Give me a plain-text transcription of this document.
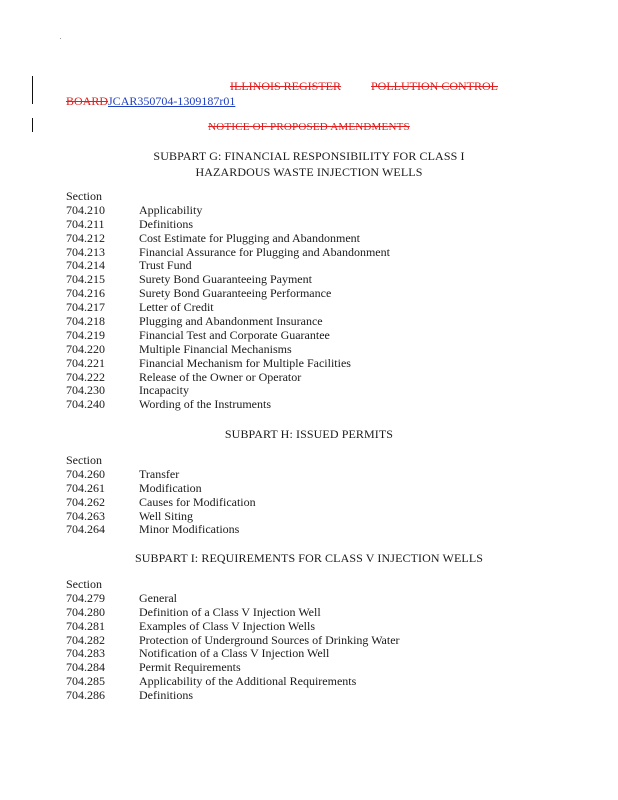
ILLINOIS REGISTER	POLLUTION CONTROL
BOARDJCAR350704-1309187r01
NOTICE OF PROPOSED AMENDMENTS
SUBPART G: FINANCIAL RESPONSIBILITY FOR CLASS I
HAZARDOUS WASTE INJECTION WELLS
Section
704.210	Applicability
704.211	Definitions
704.212	Cost Estimate for Plugging and Abandonment
704.213	Financial Assurance for Plugging and Abandonment
704.214	Trust Fund
704.215	Surety Bond Guaranteeing Payment
704.216	Surety Bond Guaranteeing Performance
704.217	Letter of Credit
704.218	Plugging and Abandonment Insurance
704.219	Financial Test and Corporate Guarantee
704.220	Multiple Financial Mechanisms
704.221	Financial Mechanism for Multiple Facilities
704.222	Release of the Owner or Operator
704.230	Incapacity
704.240	Wording of the Instruments
SUBPART H: ISSUED PERMITS
Section
704.260	Transfer
704.261	Modification
704.262	Causes for Modification
704.263	Well Siting
704.264	Minor Modifications
SUBPART I: REQUIREMENTS FOR CLASS V INJECTION WELLS
Section
704.279	General
704.280	Definition of a Class V Injection Well
704.281	Examples of Class V Injection Wells
704.282	Protection of Underground Sources of Drinking Water
704.283	Notification of a Class V Injection Well
704.284	Permit Requirements
704.285	Applicability of the Additional Requirements
704.286	Definitions
